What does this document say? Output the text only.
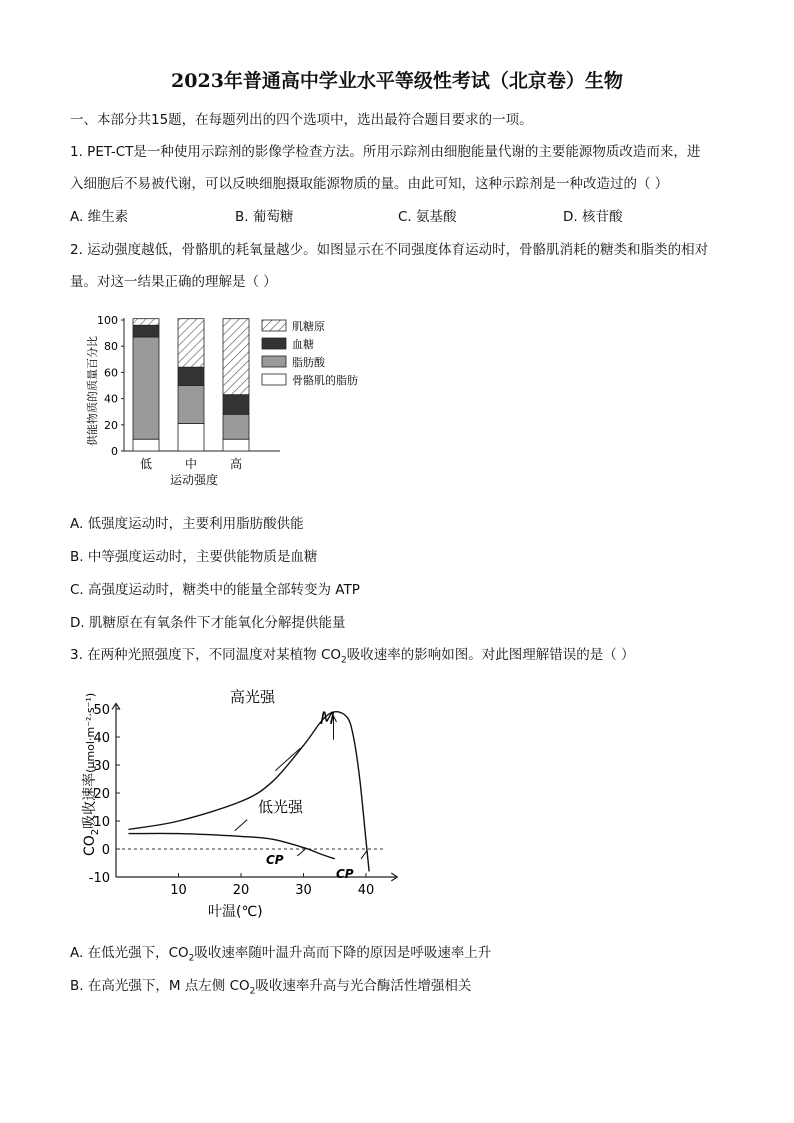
2023年普通高中学业水平等级性考试（北京卷）生物
一、本部分共15题，在每题列出的四个选项中，选出最符合题目要求的一项。
1. PET-CT是一种使用示踪剂的影像学检查方法。所用示踪剂由细胞能量代谢的主要能源物质改造而来，进
入细胞后不易被代谢，可以反映细胞摄取能源物质的量。由此可知，这种示踪剂是一种改造过的（ ）
A. 维生素	B. 葡萄糖	C. 氨基酸	D. 核苷酸
2. 运动强度越低，骨骼肌的耗氧量越少。如图显示在不同强度体育运动时，骨骼肌消耗的糖类和脂类的相对
量。对这一结果正确的理解是（ ）
供能物质的质量百分比
0
20
40
60
80
100
低	中	高
运动强度
肌糖原
血糖
脂肪酸
骨骼肌的脂肪
A. 低强度运动时，主要利用脂肪酸供能
B. 中等强度运动时，主要供能物质是血糖
C. 高强度运动时，糖类中的能量全部转变为 ATP
D. 肌糖原在有氧条件下才能氧化分解提供能量
3. 在两种光照强度下，不同温度对某植物 $CO_2$吸收速率的影响如图。对此图理解错误的是（ ）
-10
0
10
20
30
40
50
10	20	30	40
$CO_2$吸收速率(μmol·m⁻²·s⁻¹)
叶温(℃)
高光强
低光强
M
CP
CP
A. 在低光强下，$CO_2$吸收速率随叶温升高而下降的原因是呼吸速率上升
B. 在高光强下，M 点左侧 $CO_2$吸收速率升高与光合酶活性增强相关
